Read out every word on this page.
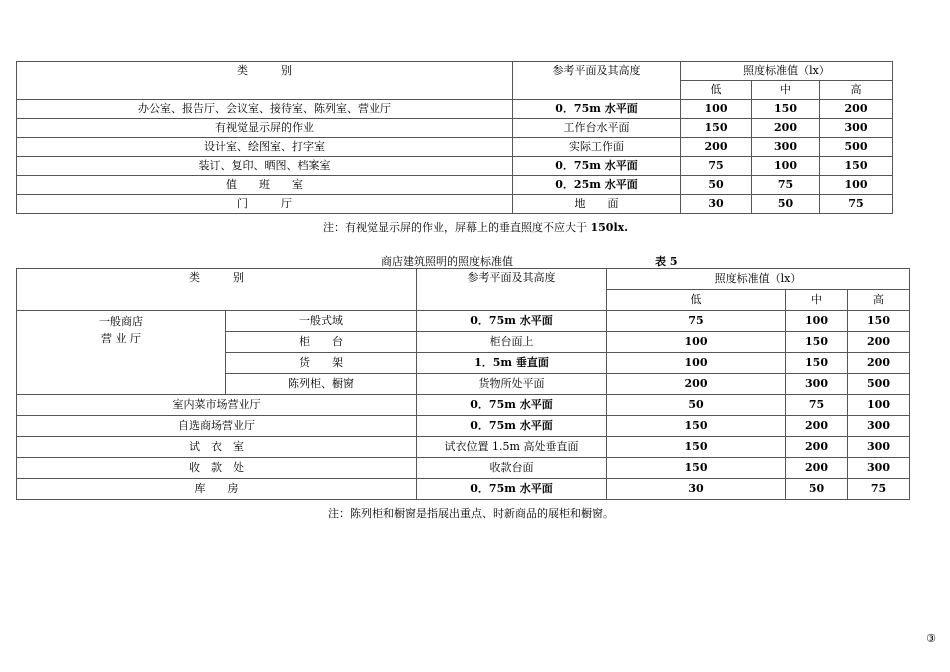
类　　　别	参考平面及其高度	照度标准值（lx）		
		低	中	高
办公室、报告厅、会议室、接待室、陈列室、营业厅	0．75m 水平面	100	150	200
有视觉显示屏的作业	工作台水平面	150	200	300
设计室、绘图室、打字室	实际工作面	200	300	500
装订、复印、晒图、档案室	0．75m 水平面	75	100	150
值　　班　　室	0．25m 水平面	50	75	100
门　　　厅	地　　面	30	50	75
注：有视觉显示屏的作业，屏幕上的垂直照度不应大于 150lx.
商店建筑照明的照度标准值	表 5
类　　　别		参考平面及其高度	照度标准值（lx）		
			低	中	高
一般商店
营 业 厅	一般式域	0．75m 水平面	75	100	150
	柜　　台	柜台面上	100	150	200
	货　　架	1．5m 垂直面	100	150	200
	陈列柜、橱窗	货物所处平面	200	300	500
室内菜市场营业厅		0．75m 水平面	50	75	100
自选商场营业厅		0．75m 水平面	150	200	300
试　衣　室		试衣位置 1.5m 高处垂直面	150	200	300
收　款　处		收款台面	150	200	300
库　　房		0．75m 水平面	30	50	75
注：陈列柜和橱窗是指展出重点、时新商品的展柜和橱窗。
③
